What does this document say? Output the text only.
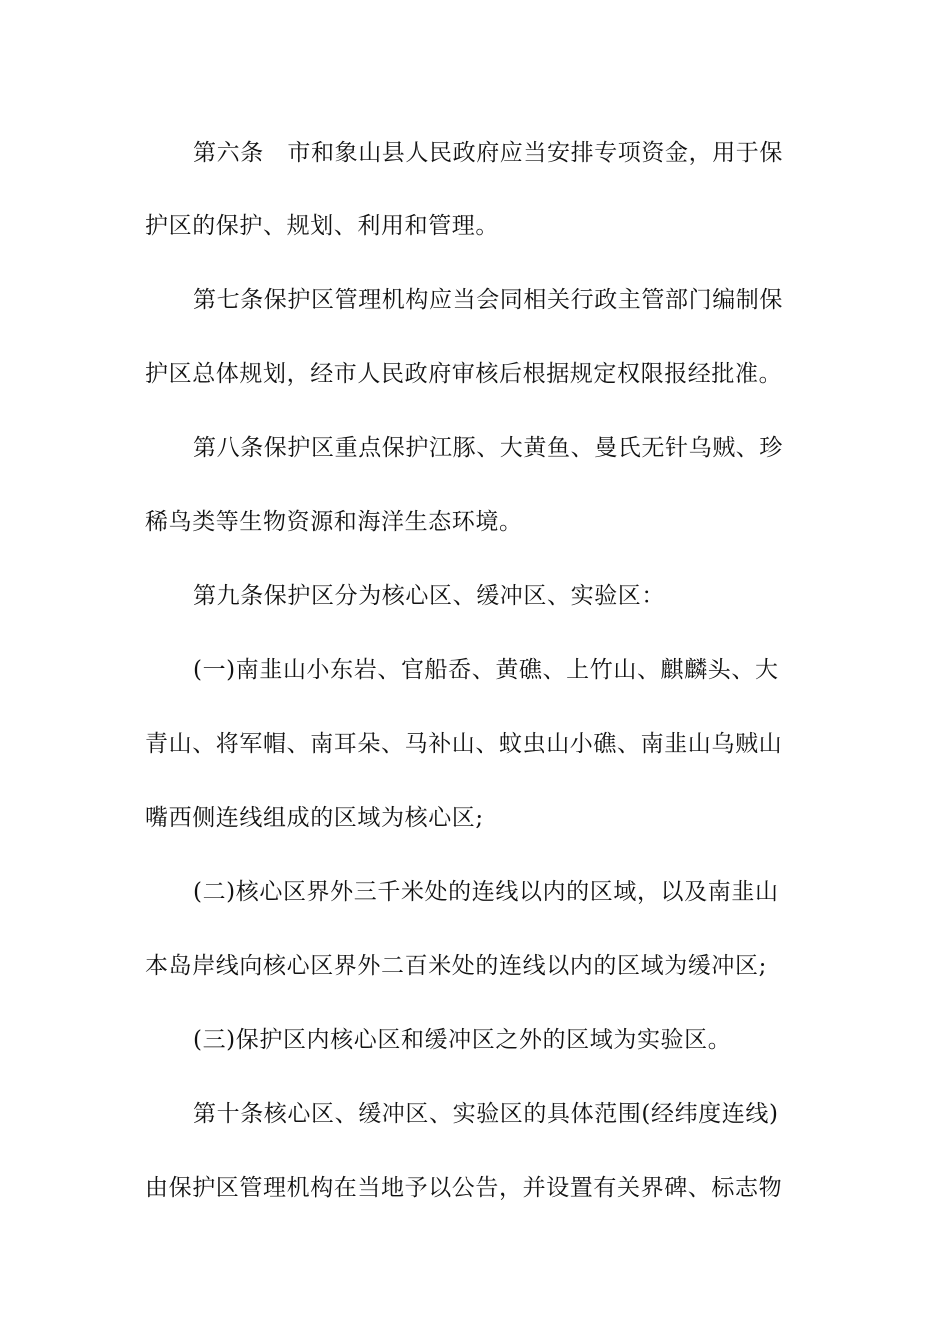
第六条　市和象山县人民政府应当安排专项资金，用于保
护区的保护、规划、利用和管理。
第七条保护区管理机构应当会同相关行政主管部门编制保
护区总体规划，经市人民政府审核后根据规定权限报经批准。
第八条保护区重点保护江豚、大黄鱼、曼氏无针乌贼、珍
稀鸟类等生物资源和海洋生态环境。
第九条保护区分为核心区、缓冲区、实验区：
(一)南韭山小东岩、官船岙、黄礁、上竹山、麒麟头、大
青山、将军帽、南耳朵、马补山、蚊虫山小礁、南韭山乌贼山
嘴西侧连线组成的区域为核心区;
(二)核心区界外三千米处的连线以内的区域，以及南韭山
本岛岸线向核心区界外二百米处的连线以内的区域为缓冲区;
(三)保护区内核心区和缓冲区之外的区域为实验区。
第十条核心区、缓冲区、实验区的具体范围(经纬度连线)
由保护区管理机构在当地予以公告，并设置有关界碑、标志物
